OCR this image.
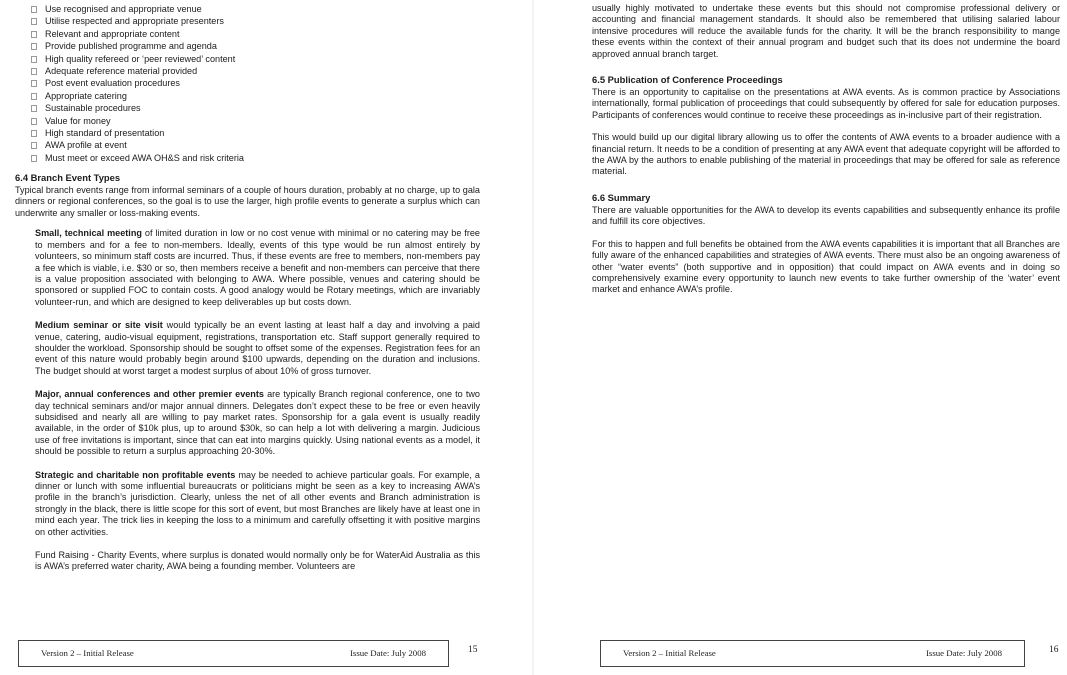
Use recognised and appropriate venue
Utilise respected and appropriate presenters
Relevant and appropriate content
Provide published programme and agenda
High quality refereed or ‘peer reviewed’ content
Adequate reference material provided
Post event evaluation procedures
Appropriate catering
Sustainable procedures
Value for money
High standard of presentation
AWA profile at event
Must meet or exceed AWA OH&S and risk criteria
6.4 Branch Event Types

Typical branch events range from informal seminars of a couple of hours duration, probably at no charge, up to gala dinners or regional conferences, so the goal is to use the larger, high profile events to generate a surplus which can underwrite any smaller or loss-making events.

Small, technical meeting of limited duration in low or no cost venue with minimal or no catering may be free to members and for a fee to non-members. Ideally, events of this type would be run almost entirely by volunteers, so minimum staff costs are incurred. Thus, if these events are free to members, non-members pay a fee which is viable, i.e. $30 or so, then members receive a benefit and non-members can perceive that there is a value proposition associated with belonging to AWA. Where possible, venues and catering should be sponsored or supplied FOC to contain costs. A good analogy would be Rotary meetings, which are invariably volunteer-run, and which are designed to keep deliverables up but costs down.

Medium seminar or site visit would typically be an event lasting at least half a day and involving a paid venue, catering, audio-visual equipment, registrations, transportation etc. Staff support generally required to shoulder the workload. Sponsorship should be sought to offset some of the expenses. Registration fees for an event of this nature would probably begin around $100 upwards, depending on the duration and inclusions. The budget should at worst target a modest surplus of about 10% of gross turnover.

Major, annual conferences and other premier events are typically Branch regional conference, one to two day technical seminars and/or major annual dinners. Delegates don’t expect these to be free or even heavily subsidised and nearly all are willing to pay market rates. Sponsorship for a gala event is usually readily available, in the order of $10k plus, up to around $30k, so can help a lot with delivering a margin. Judicious use of free invitations is important, since that can eat into margins quickly. Using national events as a model, it should be possible to return a surplus approaching 20-30%.

Strategic and charitable non profitable events may be needed to achieve particular goals. For example, a dinner or lunch with some influential bureaucrats or politicians might be seen as a key to increasing AWA’s profile in the branch’s jurisdiction. Clearly, unless the net of all other events and Branch administration is strongly in the black, there is little scope for this sort of event, but most Branches are likely have at least one in mind each year. The trick lies in keeping the loss to a minimum and carefully offsetting it with positive margins on other activities.

Fund Raising - Charity Events, where surplus is donated would normally only be for WaterAid Australia as this is AWA’s preferred water charity, AWA being a founding member. Volunteers are

Version 2 – Initial Release	Issue Date: July 2008	15

usually highly motivated to undertake these events but this should not compromise professional delivery or accounting and financial management standards. It should also be remembered that utilising salaried labour intensive procedures will reduce the available funds for the charity. It will be the branch responsibility to mange these events within the context of their annual program and budget such that its does not undermine the board approved annual branch target.

6.5 Publication of Conference Proceedings

There is an opportunity to capitalise on the presentations at AWA events. As is common practice by Associations internationally, formal publication of proceedings that could subsequently by offered for sale for education purposes. Participants of conferences would continue to receive these proceedings as in-inclusive part of their registration.

This would build up our digital library allowing us to offer the contents of AWA events to a broader audience with a financial return. It needs to be a condition of presenting at any AWA event that adequate copyright will be afforded to the AWA by the authors to enable publishing of the material in proceedings that may be offered for sale as reference material.

6.6 Summary

There are valuable opportunities for the AWA to develop its events capabilities and subsequently enhance its profile and fulfill its core objectives.

For this to happen and full benefits be obtained from the AWA events capabilities it is important that all Branches are fully aware of the enhanced capabilities and strategies of AWA events. There must also be an ongoing awareness of other “water events” (both supportive and in opposition) that could impact on AWA events and in doing so comprehensively examine every opportunity to launch new events to take further ownership of the ‘water’ event market and enhance AWA’s profile.

Version 2 – Initial Release	Issue Date: July 2008	16
